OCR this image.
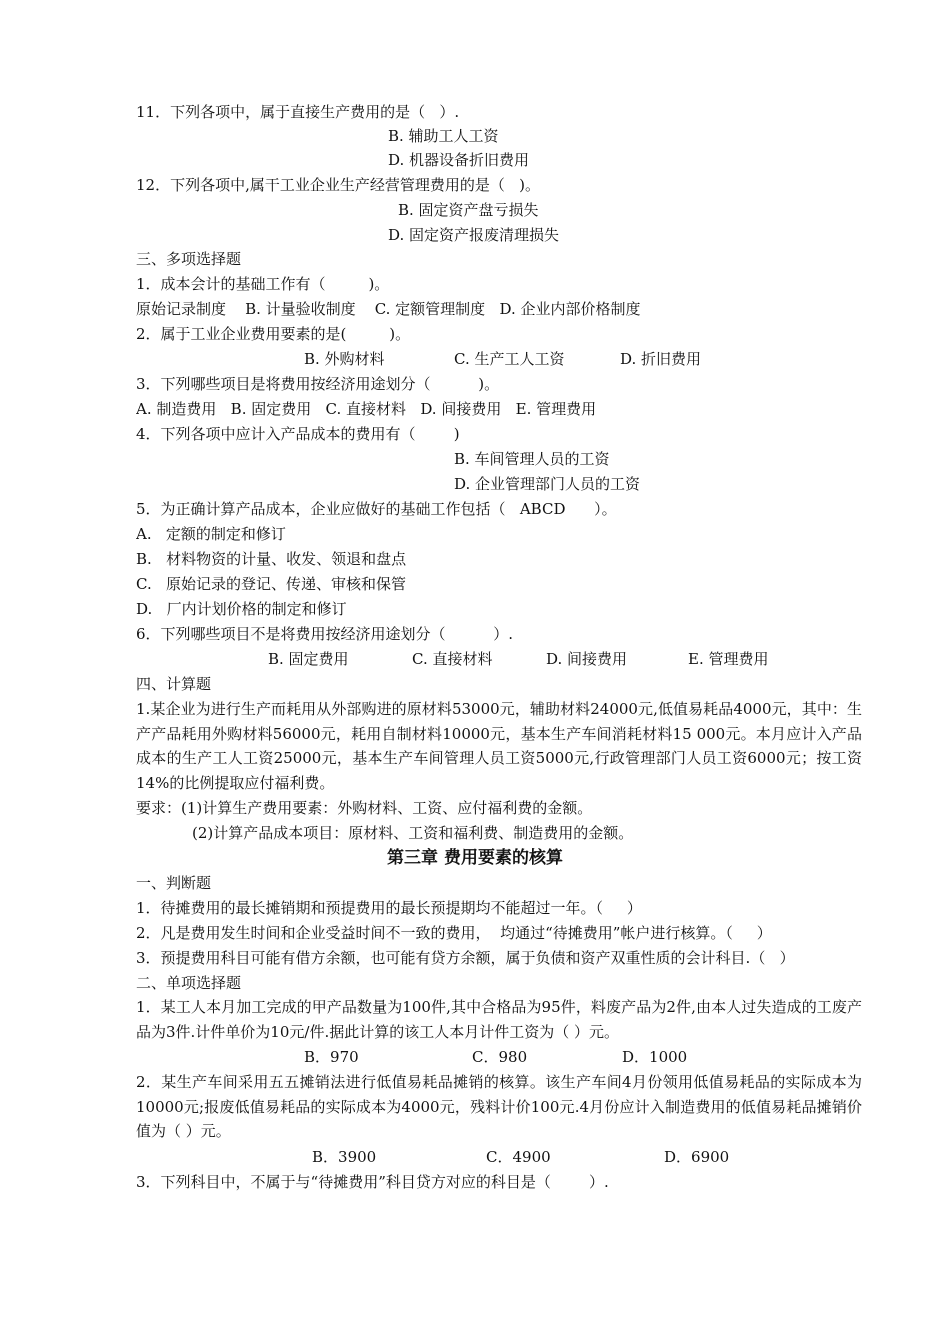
11．下列各项中，属于直接生产费用的是（   ）.

B. 辅助工人工资

D. 机器设备折旧费用

12．下列各项中,属干工业企业生产经营管理费用的是（   )。

B. 固定资产盘亏损失

D. 固定资产报废清理损失

三、多项选择题
1．成本会计的基础工作有（         )。
原始记录制度    B. 计量验收制度    C. 定额管理制度   D. 企业内部价格制度
2．属于工业企业费用要素的是(         )。

B. 外购材料

	C. 生产工人工资

	D. 折旧费用

3．下列哪些项目是将费用按经济用途划分（          )。
A. 制造费用   B. 固定费用   C. 直接材料   D. 间接费用   E. 管理费用
4．下列各项中应计入产品成本的费用有（        )

B. 车间管理人员的工资

D. 企业管理部门人员的工资

5．为正确计算产品成本，企业应做好的基础工作包括（   ABCD      ）。
A.   定额的制定和修订
B.   材料物资的计量、收发、领退和盘点
C.   原始记录的登记、传递、审核和保管
D.   厂内计划价格的制定和修订
6．下列哪些项目不是将费用按经济用途划分（          ）.

B. 固定费用

	C. 直接材料

	D. 间接费用

	E. 管理费用

四、计算题
1.某企业为进行生产而耗用从外部购进的原材料53000元，辅助材料24000元,低值易耗品4000元，其中：生产产品耗用外购材料56000元，耗用自制材料10000元，基本生产车间消耗材料15 000元。本月应计入产品成本的生产工人工资25000元，基本生产车间管理人员工资5000元,行政管理部门人员工资6000元；按工资14%的比例提取应付福利费。
要求：(1)计算生产费用要素：外购材料、工资、应付福利费的金额。
(2)计算产品成本项目：原材料、工资和福利费、制造费用的金额。
第三章 费用要素的核算
一、判断题
1．待摊费用的最长摊销期和预提费用的最长预提期均不能超过一年。（     ）
2．凡是费用发生时间和企业受益时间不一致的费用，  均通过“待摊费用”帐户进行核算。（     ）
3．预提费用科目可能有借方余额，也可能有贷方余额，属于负债和资产双重性质的会计科目.（   ）
二、单项选择题
1．某工人本月加工完成的甲产品数量为100件,其中合格品为95件，料废产品为2件,由本人过失造成的工废产品为3件.计件单价为10元/件.据此计算的该工人本月计件工资为（ ）元。

B．970

	C．980

	D．1000

2．某生产车间采用五五摊销法进行低值易耗品摊销的核算。该生产车间4月份领用低值易耗品的实际成本为10000元;报废低值易耗品的实际成本为4000元，残料计价100元.4月份应计入制造费用的低值易耗品摊销价值为（ ）元。

B．3900

	C．4900

	D．6900

3．下列科目中，不属于与“待摊费用”科目贷方对应的科目是（        ）.
